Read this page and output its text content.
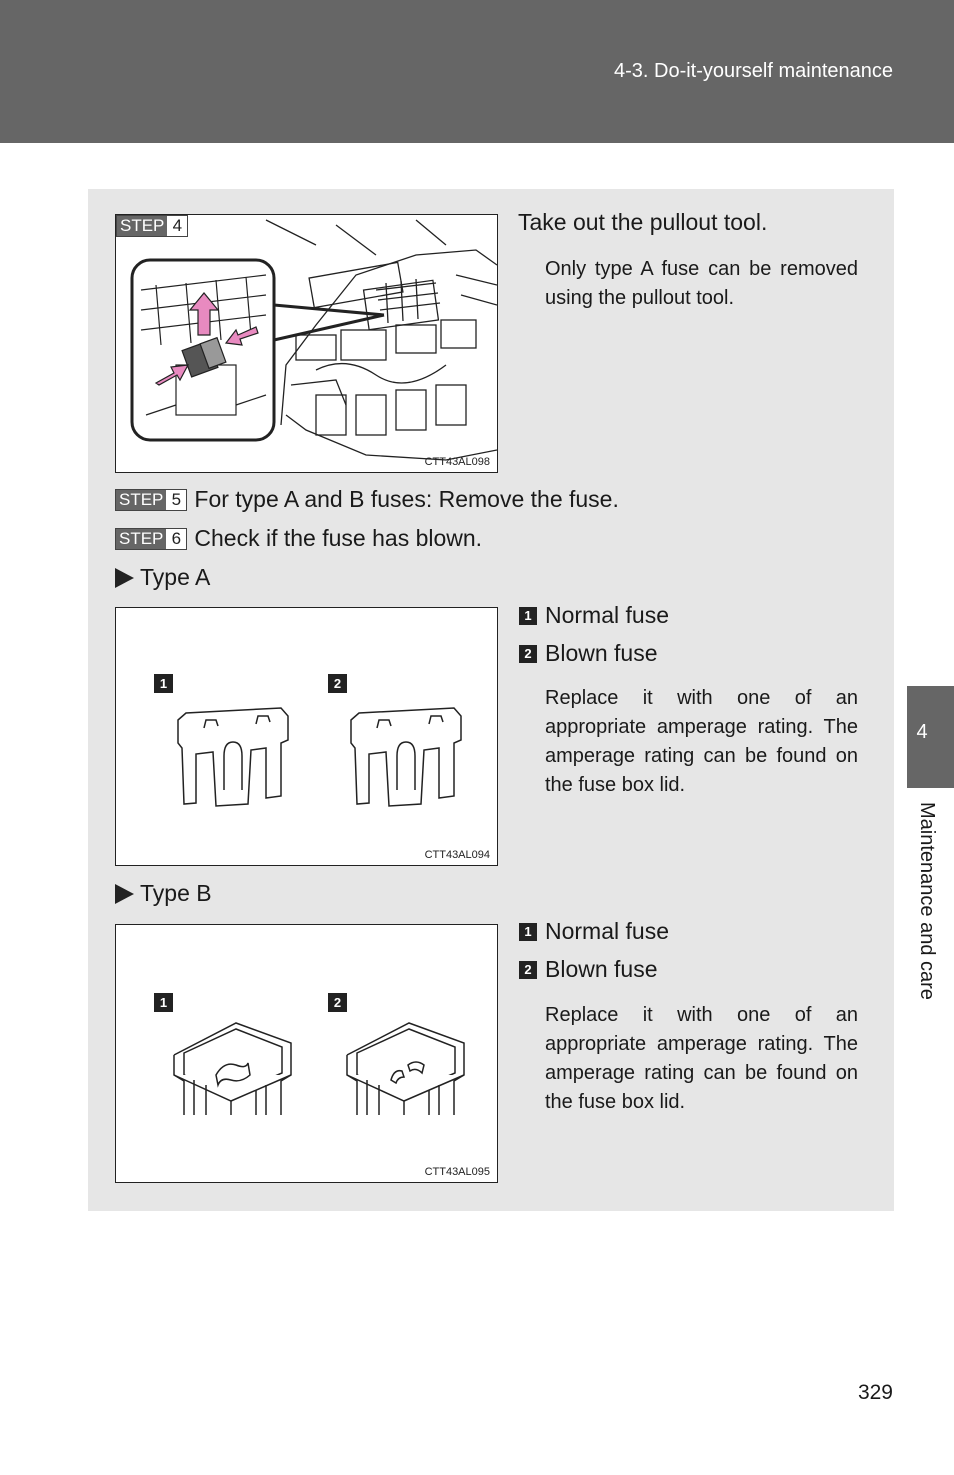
4-3. Do-it-yourself maintenance
4
Maintenance and care
CTT43AL098
STEP 4	Take out the pullout tool.
Only type A fuse can be removed using the pullout tool.
STEP 5 For type A and B fuses: Remove the fuse.
STEP 6 Check if the fuse has blown.
Type A
1	2
CTT43AL094
1 Normal fuse
2 Blown fuse
Replace it with one of an appropriate amperage rating. The amperage rating can be found on the fuse box lid.
Type B
1	2
CTT43AL095
1 Normal fuse
2 Blown fuse
Replace it with one of an appropriate amperage rating. The amperage rating can be found on the fuse box lid.
329
